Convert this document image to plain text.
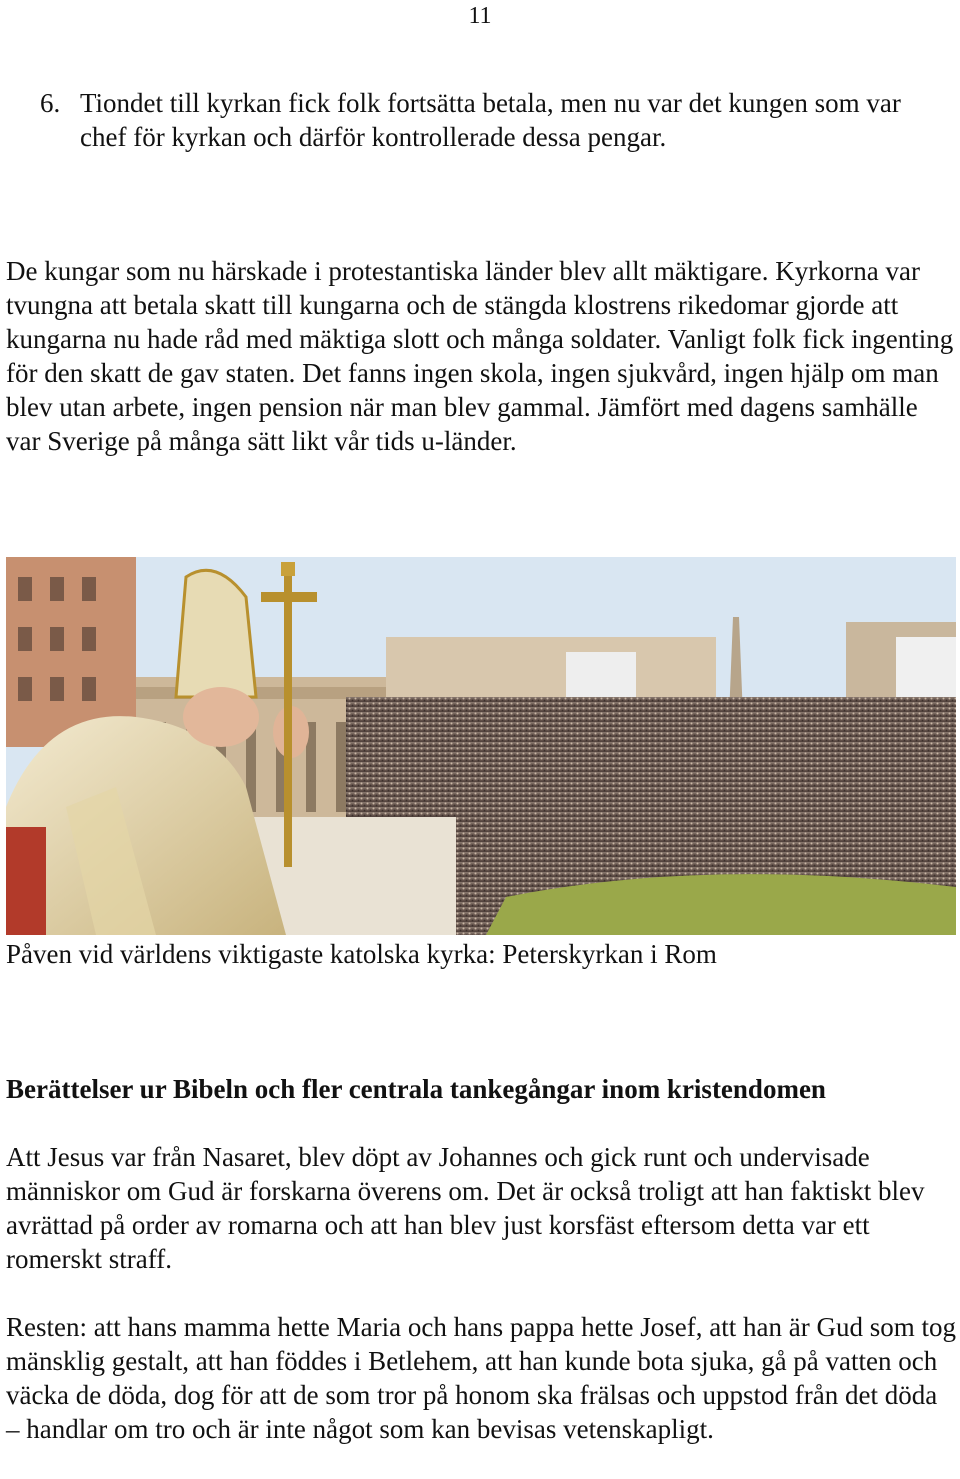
11
6. Tiondet till kyrkan fick folk fortsätta betala, men nu var det kungen som var chef för kyrkan och därför kontrollerade dessa pengar.

De kungar som nu härskade i protestantiska länder blev allt mäktigare. Kyrkorna var tvungna att betala skatt till kungarna och de stängda klostrens rikedomar gjorde att kungarna nu hade råd med mäktiga slott och många soldater. Vanligt folk fick ingenting för den skatt de gav staten. Det fanns ingen skola, ingen sjukvård, ingen hjälp om man blev utan arbete, ingen pension när man blev gammal. Jämfört med dagens samhälle var Sverige på många sätt likt vår tids u-länder.

Påven vid världens viktigaste katolska kyrka: Peterskyrkan i Rom
Berättelser ur Bibeln och fler centrala tankegångar inom kristendomen

Att Jesus var från Nasaret, blev döpt av Johannes och gick runt och undervisade människor om Gud är forskarna överens om. Det är också troligt att han faktiskt blev avrättad på order av romarna och att han blev just korsfäst eftersom detta var ett romerskt straff.

Resten: att hans mamma hette Maria och hans pappa hette Josef, att han är Gud som tog mänsklig gestalt, att han föddes i Betlehem, att han kunde bota sjuka, gå på vatten och väcka de döda, dog för att de som tror på honom ska frälsas och uppstod från det döda – handlar om tro och är inte något som kan bevisas vetenskapligt.
